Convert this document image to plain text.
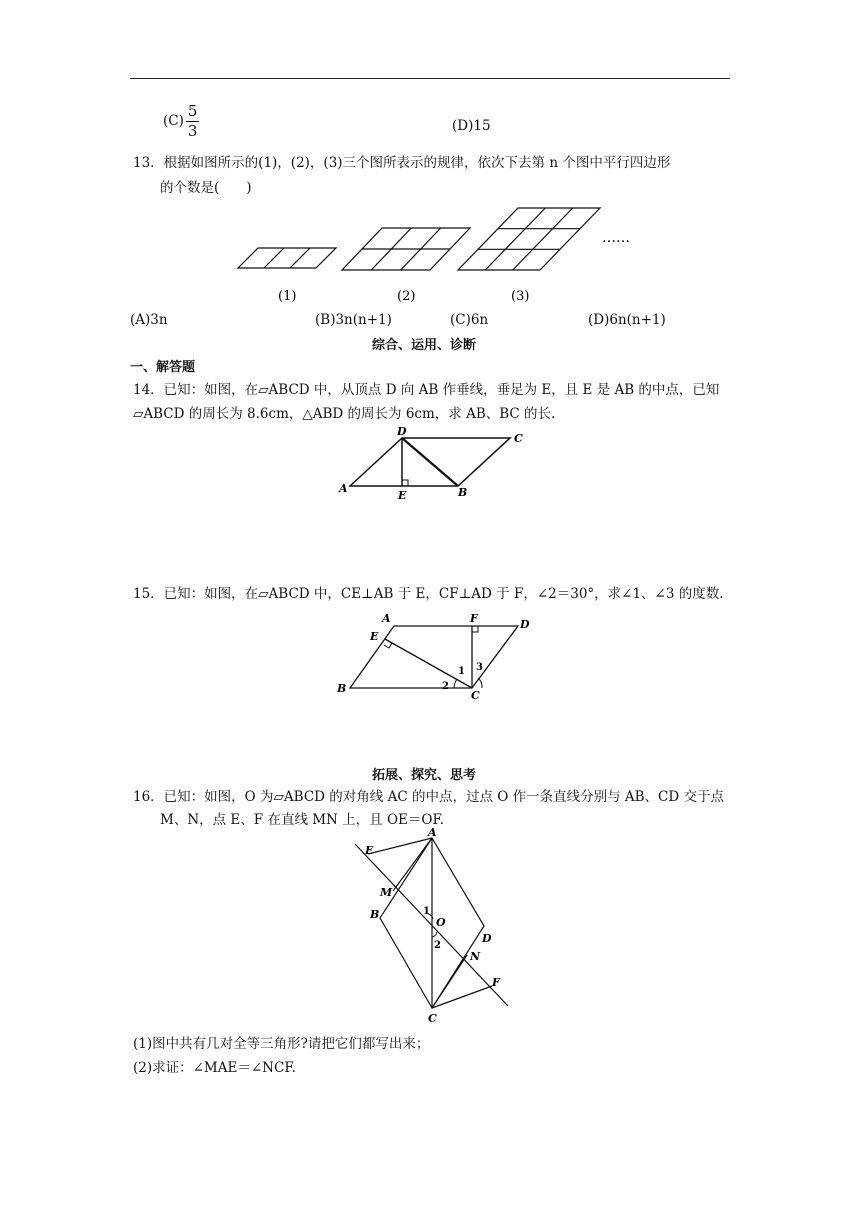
$(C) \frac{5}{3}$	(D)15
13．根据如图所示的(1)，(2)，(3)三个图所表示的规律，依次下去第 n 个图中平行四边形
的个数是(　　)
……
(1)	(2)	(3)
(A)3n	(B)3n(n+1)	(C)6n	(D)6n(n+1)
综合、运用、诊断
一、解答题
14．已知：如图，在▱ABCD 中，从顶点 D 向 AB 作垂线，垂足为 E，且 E 是 AB 的中点，已知
▱ABCD 的周长为 8.6cm，△ABD 的周长为 6cm，求 AB、BC 的长.
D
C
A
E	B
15．已知：如图，在▱ABCD 中，CE⊥AB 于 E，CF⊥AD 于 F，∠2＝30°，求∠1、∠3 的度数.
A	F	D
E
B
C
1
2
3
拓展、探究、思考
16．已知：如图，O 为▱ABCD 的对角线 AC 的中点，过点 O 作一条直线分别与 AB、CD 交于点
M、N，点 E、F 在直线 MN 上，且 OE＝OF.
A
E
M
B
O
D
N
F
C
1
2
(1)图中共有几对全等三角形?请把它们都写出来；
(2)求证：∠MAE＝∠NCF.
